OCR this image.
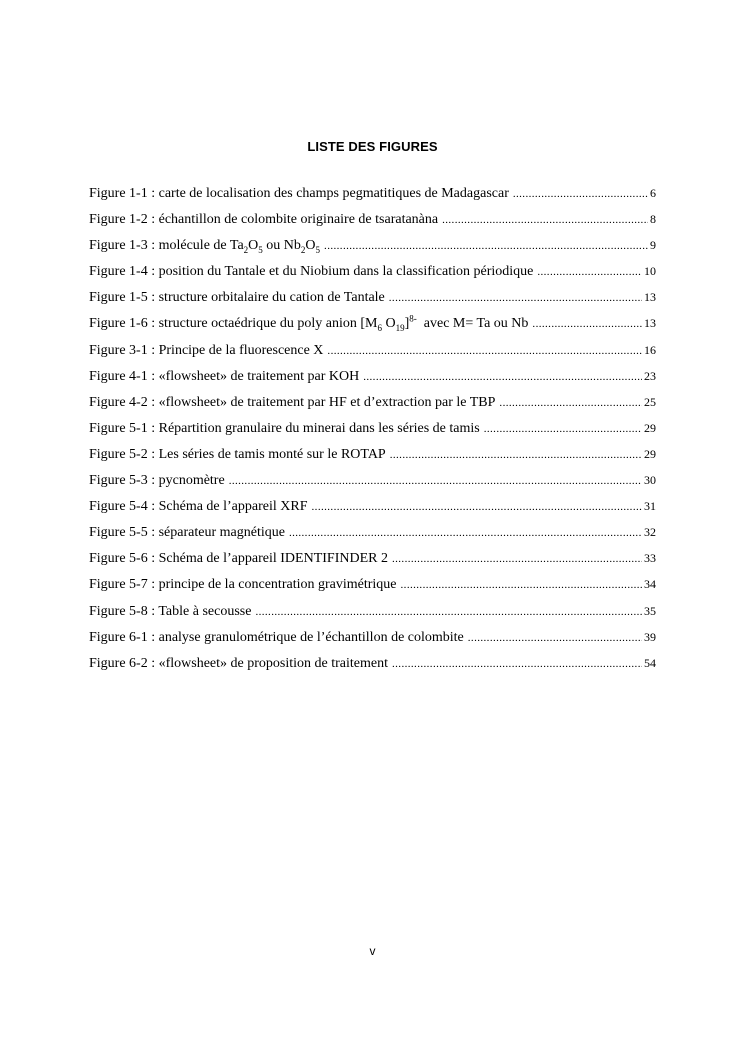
LISTE DES FIGURES
Figure 1-1 : carte de localisation des champs pegmatitiques de Madagascar .....	6
Figure 1-2 : échantillon de colombite originaire de tsaratanàna .....	8
Figure 1-3 : molécule de $Ta_2O_5$ ou $Nb_2O_5$ .....	9
Figure 1-4 : position du Tantale et du Niobium dans la classification périodique .....	10
Figure 1-5 : structure orbitalaire du cation de Tantale .....	13
Figure 1-6 : structure octaédrique du poly anion [$M_6$ $O_{19}]^{8-}$  avec M= Ta ou Nb .....	13
Figure 3-1 : Principe de la fluorescence X .....	16
Figure 4-1 : «flowsheet» de traitement par KOH .....	23
Figure 4-2 : «flowsheet» de traitement par HF et d’extraction par le TBP .....	25
Figure 5-1 : Répartition granulaire du minerai dans les séries de tamis .....	29
Figure 5-2 : Les séries de tamis monté sur le ROTAP .....	29
Figure 5-3 : pycnomètre .....	30
Figure 5-4 : Schéma de l’appareil XRF .....	31
Figure 5-5 : séparateur magnétique .....	32
Figure 5-6 : Schéma de l’appareil IDENTIFINDER 2 .....	33
Figure 5-7 : principe de la concentration gravimétrique .....	34
Figure 5-8 : Table à secousse .....	35
Figure 6-1 : analyse granulométrique de l’échantillon de colombite .....	39
Figure 6-2 : «flowsheet» de proposition de traitement .....	54
v
